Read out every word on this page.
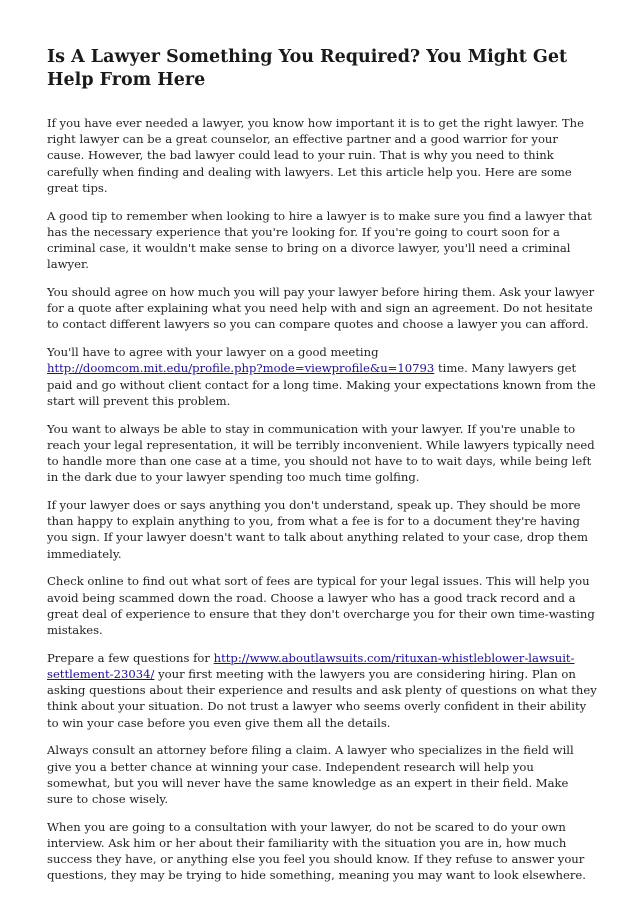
Is A Lawyer Something You Required? You Might Get Help From Here

If you have ever needed a lawyer, you know how important it is to get the right lawyer. The right lawyer can be a great counselor, an effective partner and a good warrior for your cause. However, the bad lawyer could lead to your ruin. That is why you need to think carefully when finding and dealing with lawyers. Let this article help you. Here are some great tips.

A good tip to remember when looking to hire a lawyer is to make sure you find a lawyer that has the necessary experience that you're looking for. If you're going to court soon for a criminal case, it wouldn't make sense to bring on a divorce lawyer, you'll need a criminal lawyer.

You should agree on how much you will pay your lawyer before hiring them. Ask your lawyer for a quote after explaining what you need help with and sign an agreement. Do not hesitate to contact different lawyers so you can compare quotes and choose a lawyer you can afford.

You'll have to agree with your lawyer on a good meeting http://doomcom.mit.edu/profile.php?mode=viewprofile&u=10793 time. Many lawyers get paid and go without client contact for a long time. Making your expectations known from the start will prevent this problem.

You want to always be able to stay in communication with your lawyer. If you're unable to reach your legal representation, it will be terribly inconvenient. While lawyers typically need to handle more than one case at a time, you should not have to to wait days, while being left in the dark due to your lawyer spending too much time golfing.

If your lawyer does or says anything you don't understand, speak up. They should be more than happy to explain anything to you, from what a fee is for to a document they're having you sign. If your lawyer doesn't want to talk about anything related to your case, drop them immediately.

Check online to find out what sort of fees are typical for your legal issues. This will help you avoid being scammed down the road. Choose a lawyer who has a good track record and a great deal of experience to ensure that they don't overcharge you for their own time-wasting mistakes.

Prepare a few questions for http://www.aboutlawsuits.com/rituxan-whistleblower-lawsuit-settlement-23034/ your first meeting with the lawyers you are considering hiring. Plan on asking questions about their experience and results and ask plenty of questions on what they think about your situation. Do not trust a lawyer who seems overly confident in their ability to win your case before you even give them all the details.

Always consult an attorney before filing a claim. A lawyer who specializes in the field will give you a better chance at winning your case. Independent research will help you somewhat, but you will never have the same knowledge as an expert in their field. Make sure to chose wisely.

When you are going to a consultation with your lawyer, do not be scared to do your own interview. Ask him or her about their familiarity with the situation you are in, how much success they have, or anything else you feel you should know. If they refuse to answer your questions, they may be trying to hide something, meaning you may want to look elsewhere.
